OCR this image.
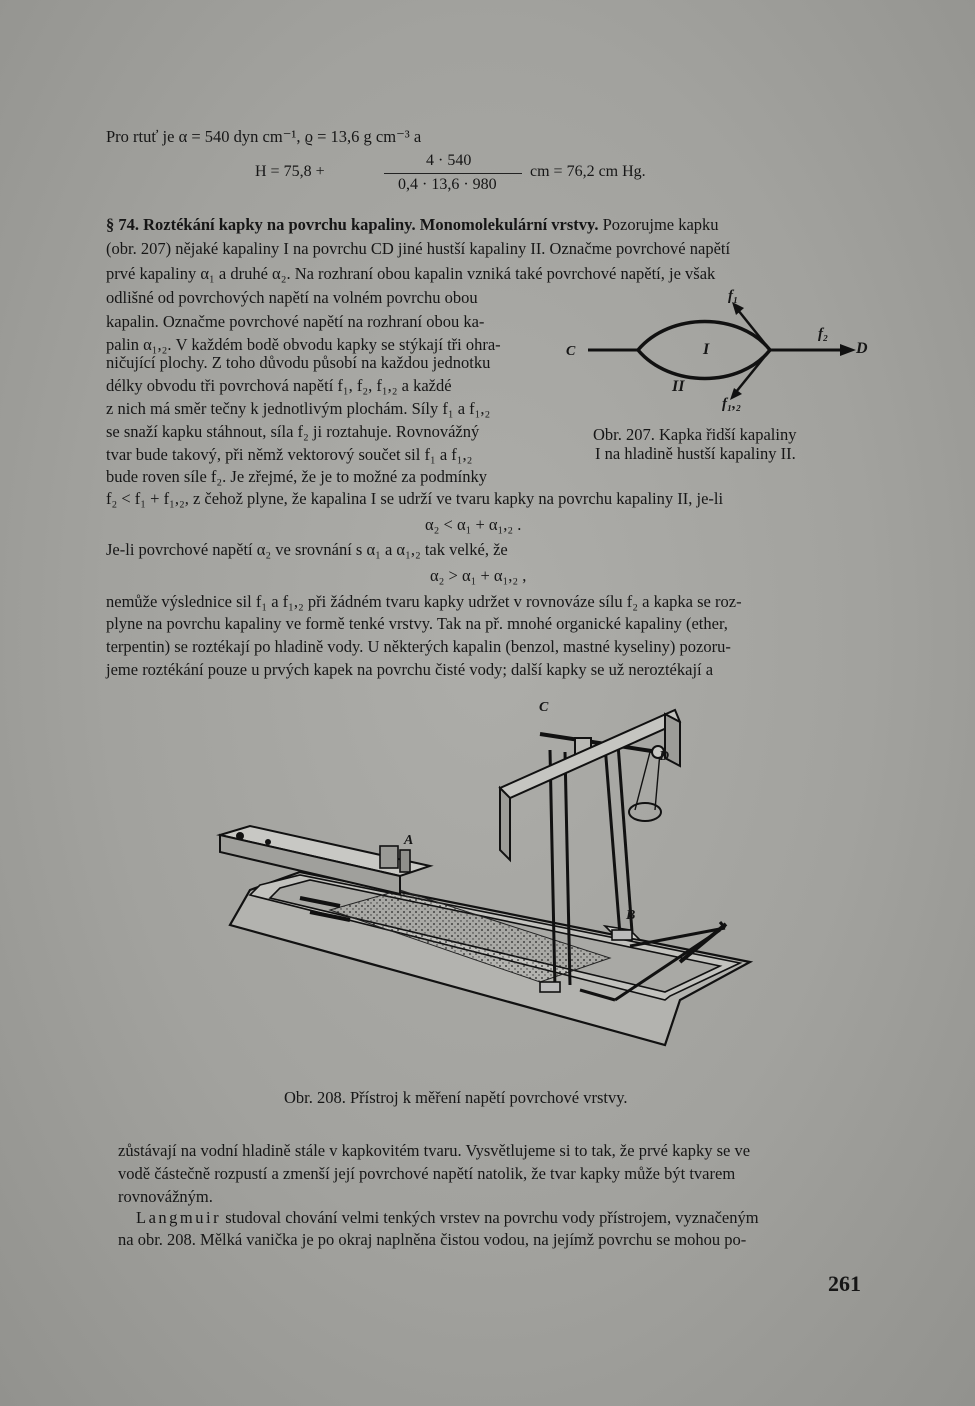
Pro rtuť je α = 540 dyn cm⁻¹, ϱ = 13,6 g cm⁻³ a
H = 75,8 +
4 · 540
0,4 · 13,6 · 980
cm = 76,2 cm Hg.
§ 74. Roztékání kapky na povrchu kapaliny. Monomolekulární vrstvy. Pozorujme kapku
(obr. 207) nějaké kapaliny I na povrchu CD jiné hustší kapaliny II. Označme povrchové napětí
prvé kapaliny α₁ a druhé α₂. Na rozhraní obou kapalin vzniká také povrchové napětí, je však
odlišné od povrchových napětí na volném povrchu obou
kapalin. Označme povrchové napětí na rozhraní obou ka-
palin α₁,₂. V každém bodě obvodu kapky se stýkají tři ohra-
ničující plochy. Z toho důvodu působí na každou jednotku
délky obvodu tři povrchová napětí f₁, f₂, f₁,₂ a každé
z nich má směr tečny k jednotlivým plochám. Síly f₁ a f₁,₂
se snaží kapku stáhnout, síla f₂ ji roztahuje. Rovnovážný
tvar bude takový, při němž vektorový součet sil f₁ a f₁,₂
bude roven síle f₂. Je zřejmé, že je to možné za podmínky
f₂ < f₁ + f₁,₂, z čehož plyne, že kapalina I se udrží ve tvaru kapky na povrchu kapaliny II, je-li
C	D
I
II
f₁
f₂
f₁,₂
Obr. 207. Kapka řidší kapaliny
I na hladině hustší kapaliny II.
α₂ < α₁ + α₁,₂ .
Je-li povrchové napětí α₂ ve srovnání s α₁ a α₁,₂ tak velké, že
α₂ > α₁ + α₁,₂ ,
nemůže výslednice sil f₁ a f₁,₂ při žádném tvaru kapky udržet v rovnováze sílu f₂ a kapka se roz-
plyne na povrchu kapaliny ve formě tenké vrstvy. Tak na př. mnohé organické kapaliny (ether,
terpentin) se roztékají po hladině vody. U některých kapalin (benzol, mastné kyseliny) pozoru-
jeme roztékání pouze u prvých kapek na povrchu čisté vody; další kapky se už neroztékají a
C
D
A
B
Obr. 208. Přístroj k měření napětí povrchové vrstvy.
zůstávají na vodní hladině stále v kapkovitém tvaru. Vysvětlujeme si to tak, že prvé kapky se ve
vodě částečně rozpustí a zmenší její povrchové napětí natolik, že tvar kapky může být tvarem
rovnovážným.
Langmuir studoval chování velmi tenkých vrstev na povrchu vody přístrojem, vyznačeným
na obr. 208. Mělká vanička je po okraj naplněna čistou vodou, na jejímž povrchu se mohou po-
261
